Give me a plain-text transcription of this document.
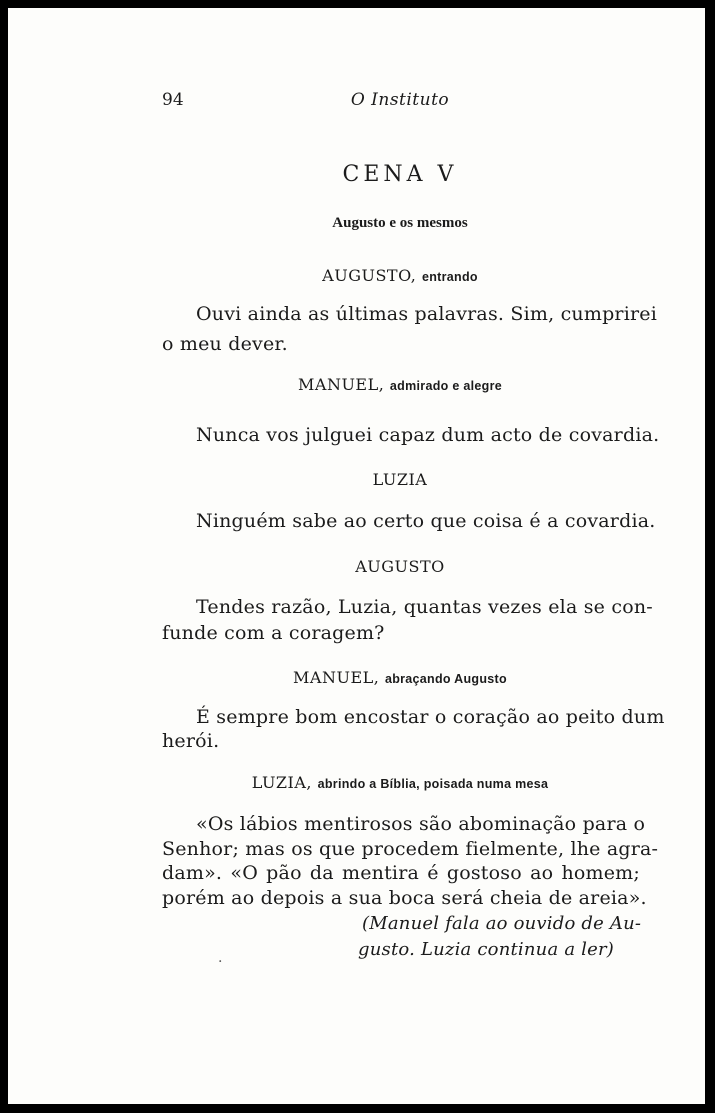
94	O Instituto
CENA V
Augusto e os mesmos
AUGUSTO, entrando
Ouvi ainda as últimas palavras. Sim, cumprirei
o meu dever.
MANUEL, admirado e alegre
Nunca vos julguei capaz dum acto de covardia.
LUZIA
Ninguém sabe ao certo que coisa é a covardia.
AUGUSTO
Tendes razão, Luzia, quantas vezes ela se con-
funde com a coragem?
MANUEL, abraçando Augusto
É sempre bom encostar o coração ao peito dum
herói.
LUZIA, abrindo a Bíblia, poisada numa mesa
«Os lábios mentirosos são abominação para o
Senhor; mas os que procedem fielmente, lhe agra-
dam». «O pão da mentira é gostoso ao homem;
porém ao depois a sua boca será cheia de areia».
(Manuel fala ao ouvido de Au-
gusto. Luzia continua a ler)
.
